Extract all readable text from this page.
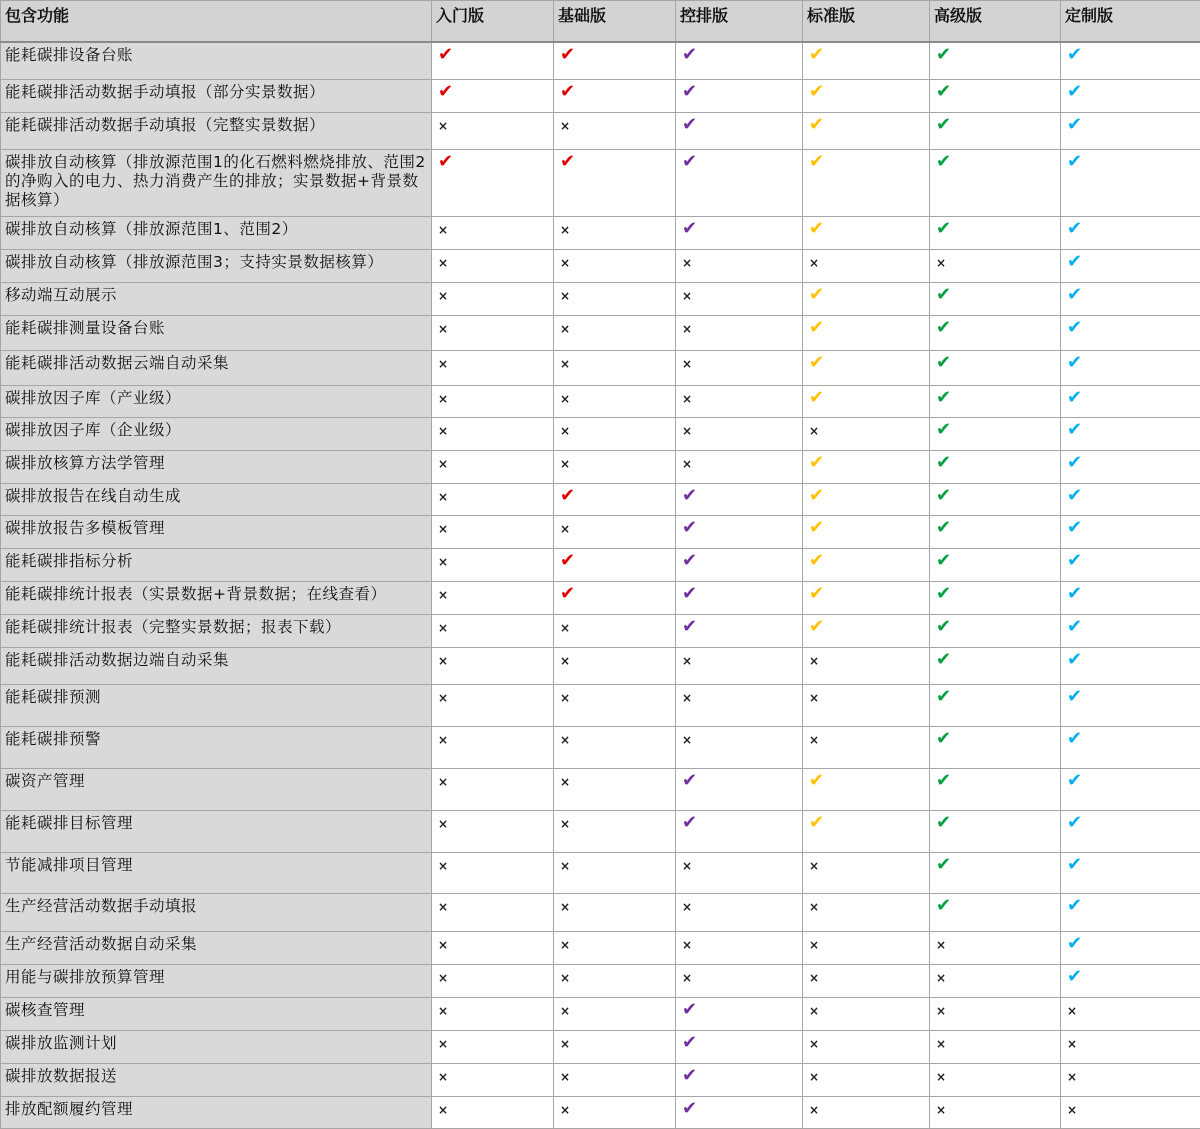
包含功能	入门版	基础版	控排版	标准版	高级版	定制版
能耗碳排设备台账	✔	✔	✔	✔	✔	✔
能耗碳排活动数据手动填报（部分实景数据）	✔	✔	✔	✔	✔	✔
能耗碳排活动数据手动填报（完整实景数据）	×	×	✔	✔	✔	✔
碳排放自动核算（排放源范围1的化石燃料燃烧排放、范围2的净购入的电力、热力消费产生的排放；实景数据+背景数据核算）	✔	✔	✔	✔	✔	✔
碳排放自动核算（排放源范围1、范围2）	×	×	✔	✔	✔	✔
碳排放自动核算（排放源范围3；支持实景数据核算）	×	×	×	×	×	✔
移动端互动展示	×	×	×	✔	✔	✔
能耗碳排测量设备台账	×	×	×	✔	✔	✔
能耗碳排活动数据云端自动采集	×	×	×	✔	✔	✔
碳排放因子库（产业级）	×	×	×	✔	✔	✔
碳排放因子库（企业级）	×	×	×	×	✔	✔
碳排放核算方法学管理	×	×	×	✔	✔	✔
碳排放报告在线自动生成	×	✔	✔	✔	✔	✔
碳排放报告多模板管理	×	×	✔	✔	✔	✔
能耗碳排指标分析	×	✔	✔	✔	✔	✔
能耗碳排统计报表（实景数据+背景数据；在线查看）	×	✔	✔	✔	✔	✔
能耗碳排统计报表（完整实景数据；报表下载）	×	×	✔	✔	✔	✔
能耗碳排活动数据边端自动采集	×	×	×	×	✔	✔
能耗碳排预测	×	×	×	×	✔	✔
能耗碳排预警	×	×	×	×	✔	✔
碳资产管理	×	×	✔	✔	✔	✔
能耗碳排目标管理	×	×	✔	✔	✔	✔
节能减排项目管理	×	×	×	×	✔	✔
生产经营活动数据手动填报	×	×	×	×	✔	✔
生产经营活动数据自动采集	×	×	×	×	×	✔
用能与碳排放预算管理	×	×	×	×	×	✔
碳核查管理	×	×	✔	×	×	×
碳排放监测计划	×	×	✔	×	×	×
碳排放数据报送	×	×	✔	×	×	×
排放配额履约管理	×	×	✔	×	×	×
